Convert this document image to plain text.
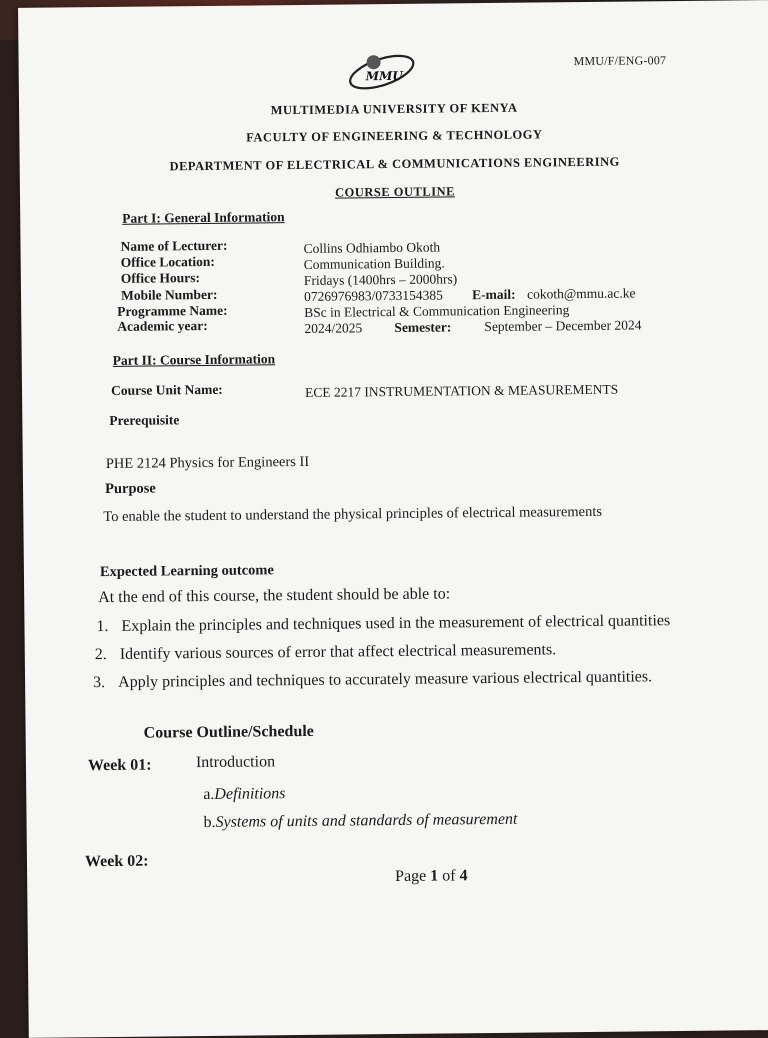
MMU/F/ENG-007
MMU
MULTIMEDIA UNIVERSITY OF KENYA
FACULTY OF ENGINEERING & TECHNOLOGY
DEPARTMENT OF ELECTRICAL & COMMUNICATIONS ENGINEERING
COURSE OUTLINE
Part I: General Information
Name of Lecturer:	Collins Odhiambo Okoth
Office Location:	Communication Building.
Office Hours:	Fridays (1400hrs – 2000hrs)
Mobile Number:	0726976983/0733154385 E-mail: cokoth@mmu.ac.ke
Programme Name:	BSc in Electrical & Communication Engineering
Academic year:	2024/2025 Semester: September – December 2024
Part II: Course Information
Course Unit Name:	ECE 2217 INSTRUMENTATION & MEASUREMENTS
Prerequisite
PHE 2124 Physics for Engineers II
Purpose
To enable the student to understand the physical principles of electrical measurements
Expected Learning outcome
At the end of this course, the student should be able to:
1. Explain the principles and techniques used in the measurement of electrical quantities
2. Identify various sources of error that affect electrical measurements.
3. Apply principles and techniques to accurately measure various electrical quantities.
Course Outline/Schedule
Week 01:	Introduction
a.Definitions
b.Systems of units and standards of measurement
Week 02:
Page 1 of 4
